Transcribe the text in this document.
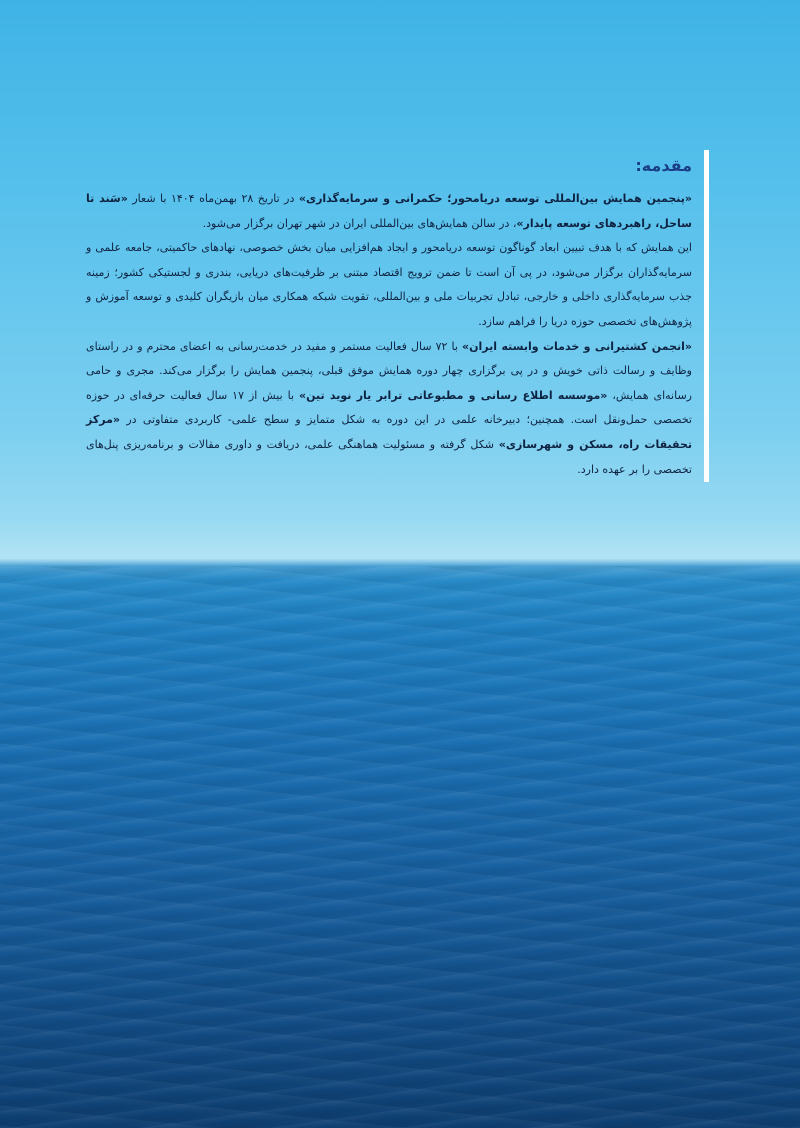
مقدمه:

«پنجمین همایش بین‌المللی توسعه دریامحور؛ حکمرانی و سرمایه‌گذاری» در تاریخ ۲۸ بهمن‌ماه ۱۴۰۴ با شعار «سَند تا ساحل، راهبردهای توسعه پایدار»، در سالن همایش‌های بین‌المللی ایران در شهر تهران برگزار می‌شود.

این همایش که با هدف تبیین ابعاد گوناگون توسعه دریامحور و ایجاد هم‌افزایی میان بخش خصوصی، نهادهای حاکمیتی، جامعه علمی و سرمایه‌گذاران برگزار می‌شود، در پی آن است تا ضمن ترویج اقتصاد مبتنی بر ظرفیت‌های دریایی، بندری و لجستیکی کشور؛ زمینه جذب سرمایه‌گذاری داخلی و خارجی، تبادل تجربیات ملی و بین‌المللی، تقویت شبکه همکاری میان بازیگران کلیدی و توسعه آموزش و پژوهش‌های تخصصی حوزه دریا را فراهم سازد.

«انجمن کشتیرانی و خدمات وابسته ایران» با ۷۲ سال فعالیت مستمر و مفید در خدمت‌رسانی به اعضای محترم و در راستای وظایف و رسالت ذاتی خویش و در پی برگزاری چهار دوره همایش موفق قبلی، پنجمین همایش را برگزار می‌کند. مجری و حامی رسانه‌ای همایش، «موسسه اطلاع رسانی و مطبوعاتی ترابر یار نوید تین» با بیش از ۱۷ سال فعالیت حرفه‌ای در حوزه تخصصی حمل‌ونقل است. همچنین؛ دبیرخانه علمی در این دوره به شکل متمایز و سطح علمی- کاربردی متفاوتی در «مرکز تحقیقات راه، مسکن و شهرسازی» شکل گرفته و مسئولیت هماهنگی علمی، دریافت و داوری مقالات و برنامه‌ریزی پنل‌های تخصصی را بر عهده دارد.
